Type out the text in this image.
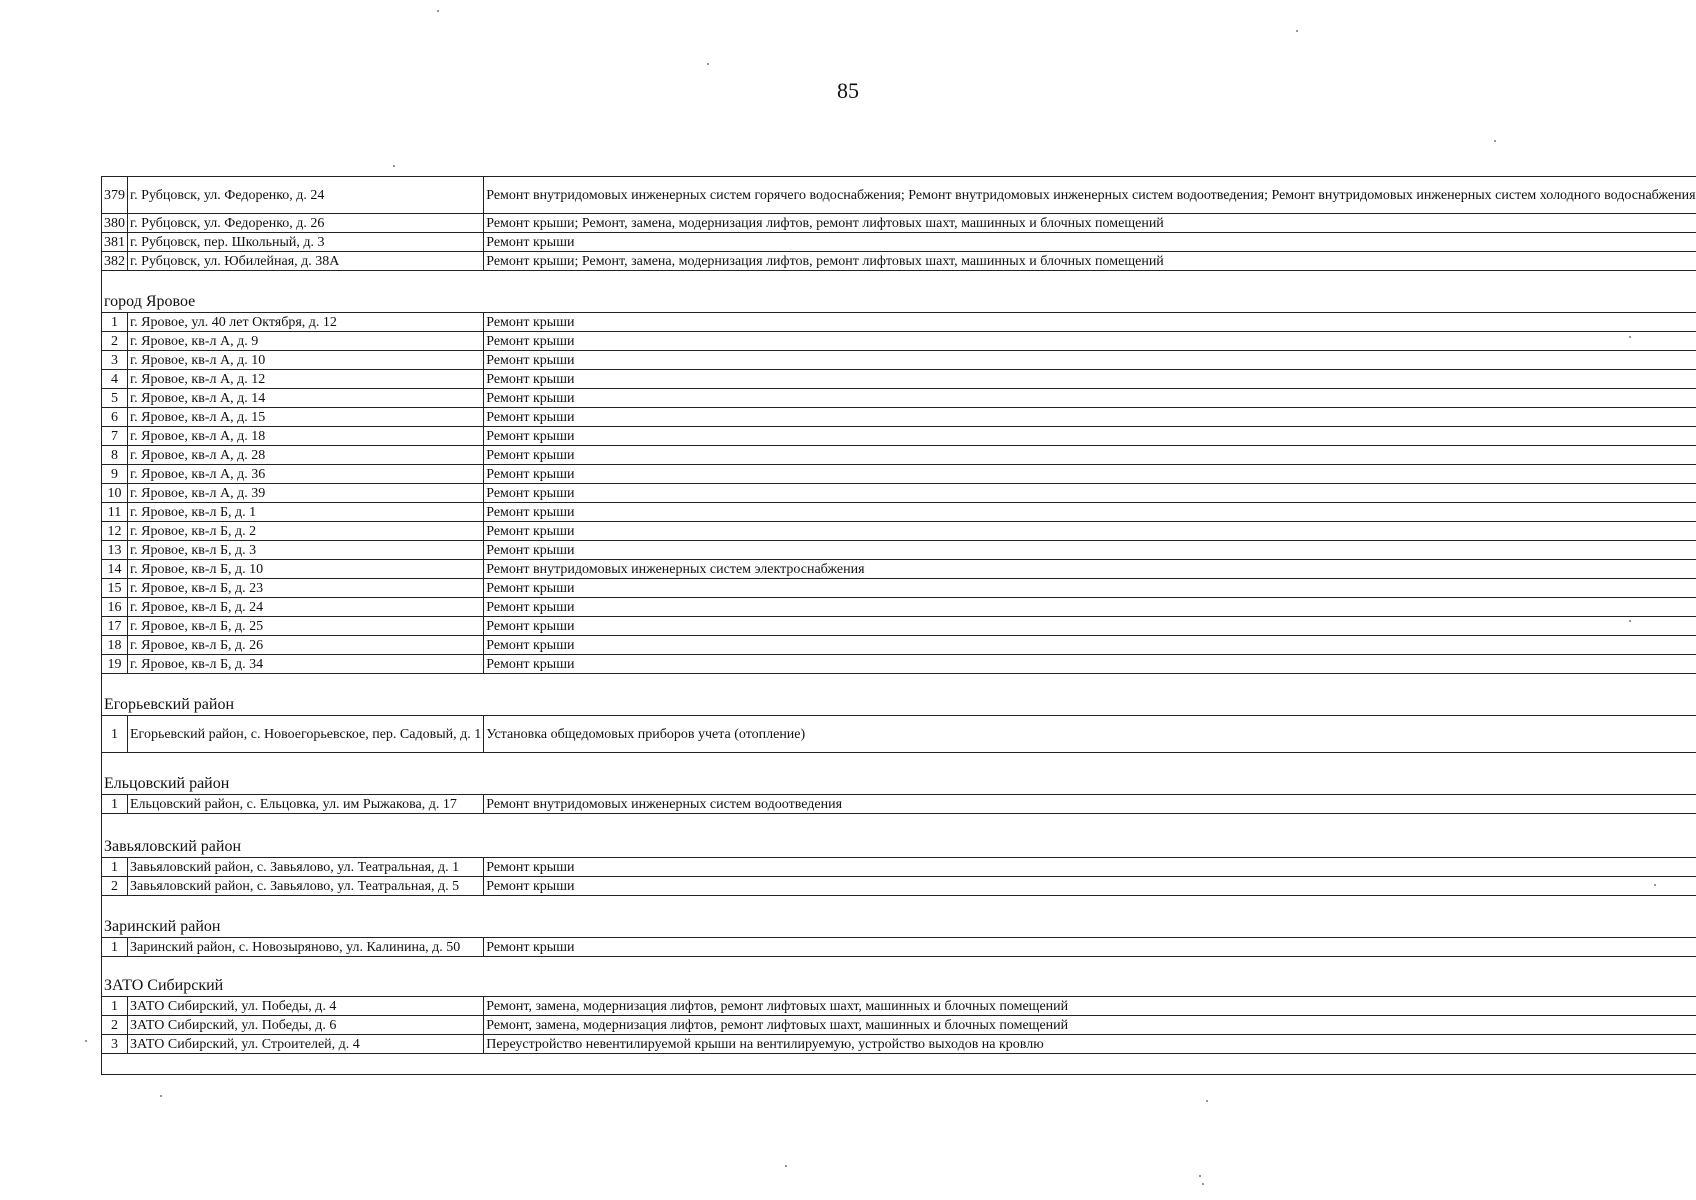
85
379	г. Рубцовск, ул. Федоренко, д. 24	Ремонт внутридомовых инженерных систем горячего водоснабжения; Ремонт внутридомовых инженерных систем водоотведения; Ремонт внутридомовых инженерных систем холодного водоснабжения
380	г. Рубцовск, ул. Федоренко, д. 26	Ремонт крыши; Ремонт, замена, модернизация лифтов, ремонт лифтовых шахт, машинных и блочных помещений
381	г. Рубцовск, пер. Школьный, д. 3	Ремонт крыши
382	г. Рубцовск, ул. Юбилейная, д. 38А	Ремонт крыши; Ремонт, замена, модернизация лифтов, ремонт лифтовых шахт, машинных и блочных помещений
город Яровое		
1	г. Яровое, ул. 40 лет Октября, д. 12	Ремонт крыши
2	г. Яровое, кв-л А, д. 9	Ремонт крыши
3	г. Яровое, кв-л А, д. 10	Ремонт крыши
4	г. Яровое, кв-л А, д. 12	Ремонт крыши
5	г. Яровое, кв-л А, д. 14	Ремонт крыши
6	г. Яровое, кв-л А, д. 15	Ремонт крыши
7	г. Яровое, кв-л А, д. 18	Ремонт крыши
8	г. Яровое, кв-л А, д. 28	Ремонт крыши
9	г. Яровое, кв-л А, д. 36	Ремонт крыши
10	г. Яровое, кв-л А, д. 39	Ремонт крыши
11	г. Яровое, кв-л Б, д. 1	Ремонт крыши
12	г. Яровое, кв-л Б, д. 2	Ремонт крыши
13	г. Яровое, кв-л Б, д. 3	Ремонт крыши
14	г. Яровое, кв-л Б, д. 10	Ремонт внутридомовых инженерных систем электроснабжения
15	г. Яровое, кв-л Б, д. 23	Ремонт крыши
16	г. Яровое, кв-л Б, д. 24	Ремонт крыши
17	г. Яровое, кв-л Б, д. 25	Ремонт крыши
18	г. Яровое, кв-л Б, д. 26	Ремонт крыши
19	г. Яровое, кв-л Б, д. 34	Ремонт крыши
Егорьевский район		
1	Егорьевский район, с. Новоегорьевское, пер. Садовый, д. 1	Установка общедомовых приборов учета (отопление)
Ельцовский район		
1	Ельцовский район, с. Ельцовка, ул. им Рыжакова, д. 17	Ремонт внутридомовых инженерных систем водоотведения
Завьяловский район		
1	Завьяловский район, с. Завьялово, ул. Театральная, д. 1	Ремонт крыши
2	Завьяловский район, с. Завьялово, ул. Театральная, д. 5	Ремонт крыши
Заринский район		
1	Заринский район, с. Новозыряново, ул. Калинина, д. 50	Ремонт крыши
ЗАТО Сибирский		
1	ЗАТО Сибирский, ул. Победы, д. 4	Ремонт, замена, модернизация лифтов, ремонт лифтовых шахт, машинных и блочных помещений
2	ЗАТО Сибирский, ул. Победы, д. 6	Ремонт, замена, модернизация лифтов, ремонт лифтовых шахт, машинных и блочных помещений
3	ЗАТО Сибирский, ул. Строителей, д. 4	Переустройство невентилируемой крыши на вентилируемую, устройство выходов на кровлю
